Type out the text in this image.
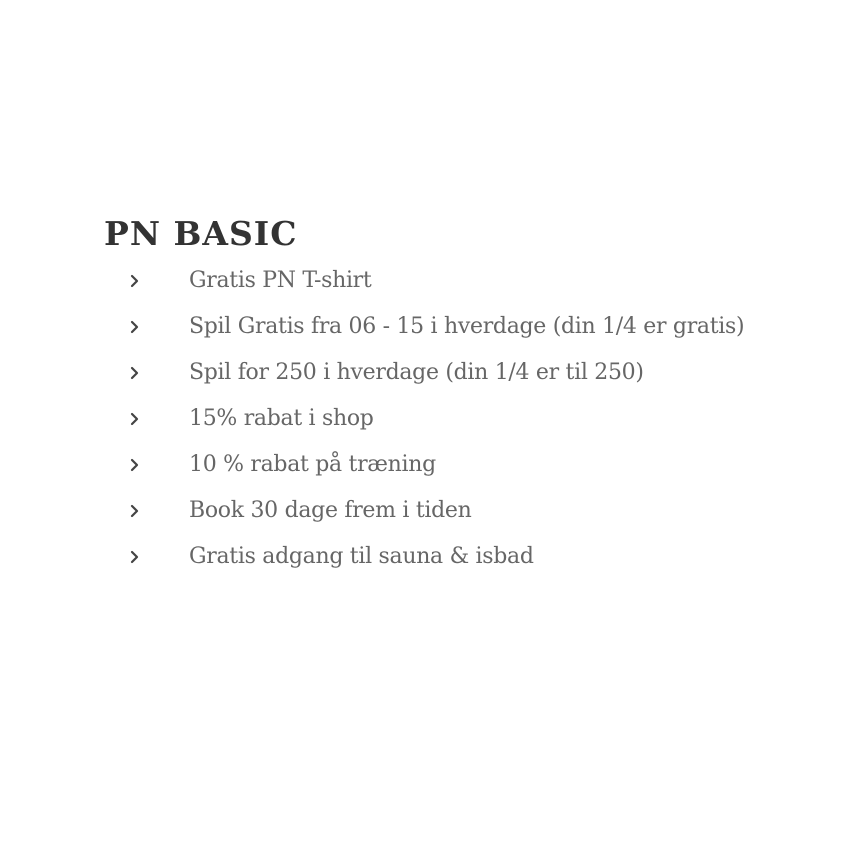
PN BASIC
Gratis PN T-shirt
Spil Gratis fra 06 - 15 i hverdage (din 1/4 er gratis)
Spil for 250 i hverdage (din 1/4 er til 250)
15% rabat i shop
10 % rabat på træning
Book 30 dage frem i tiden
Gratis adgang til sauna & isbad
